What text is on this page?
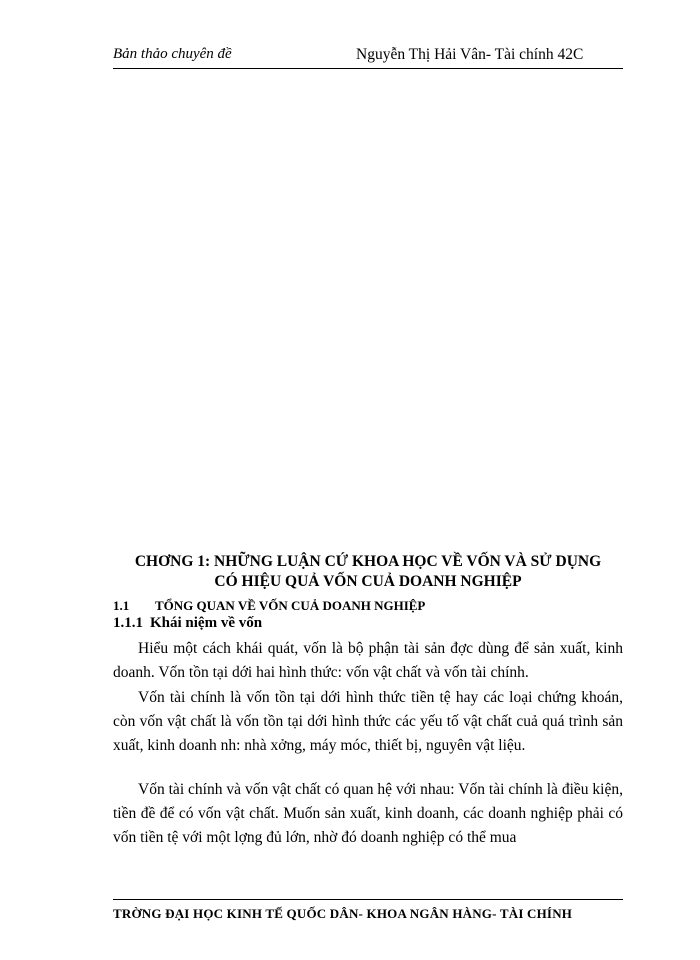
Bản thảo chuyên đề	Nguyễn Thị Hải Vân- Tài chính 42C
CHƠNG 1: NHỮNG LUẬN CỨ KHOA HỌC VỀ VỐN VÀ SỬ DỤNG
CÓ HIỆU QUẢ VỐN CUẢ DOANH NGHIỆP
1.1 TỔNG QUAN VỀ VỐN CUẢ DOANH NGHIỆP
1.1.1 Khái niệm về vốn

Hiểu một cách khái quát, vốn là bộ phận tài sản đợc dùng để sản xuất, kinh doanh. Vốn tồn tại dới hai hình thức: vốn vật chất và vốn tài chính.

Vốn tài chính là vốn tồn tại dới hình thức tiền tệ hay các loại chứng khoán, còn vốn vật chất là vốn tồn tại dới hình thức các yếu tố vật chất cuả quá trình sản xuất, kinh doanh nh: nhà xởng, máy móc, thiết bị, nguyên vật liệu.

Vốn tài chính và vốn vật chất có quan hệ với nhau: Vốn tài chính là điều kiện, tiền đề để có vốn vật chất. Muốn sản xuất, kinh doanh, các doanh nghiệp phải có vốn tiền tệ với một lợng đủ lớn, nhờ đó doanh nghiệp có thể mua

TRỜNG ĐẠI HỌC KINH TẾ QUỐC DÂN- KHOA NGÂN HÀNG- TÀI CHÍNH
